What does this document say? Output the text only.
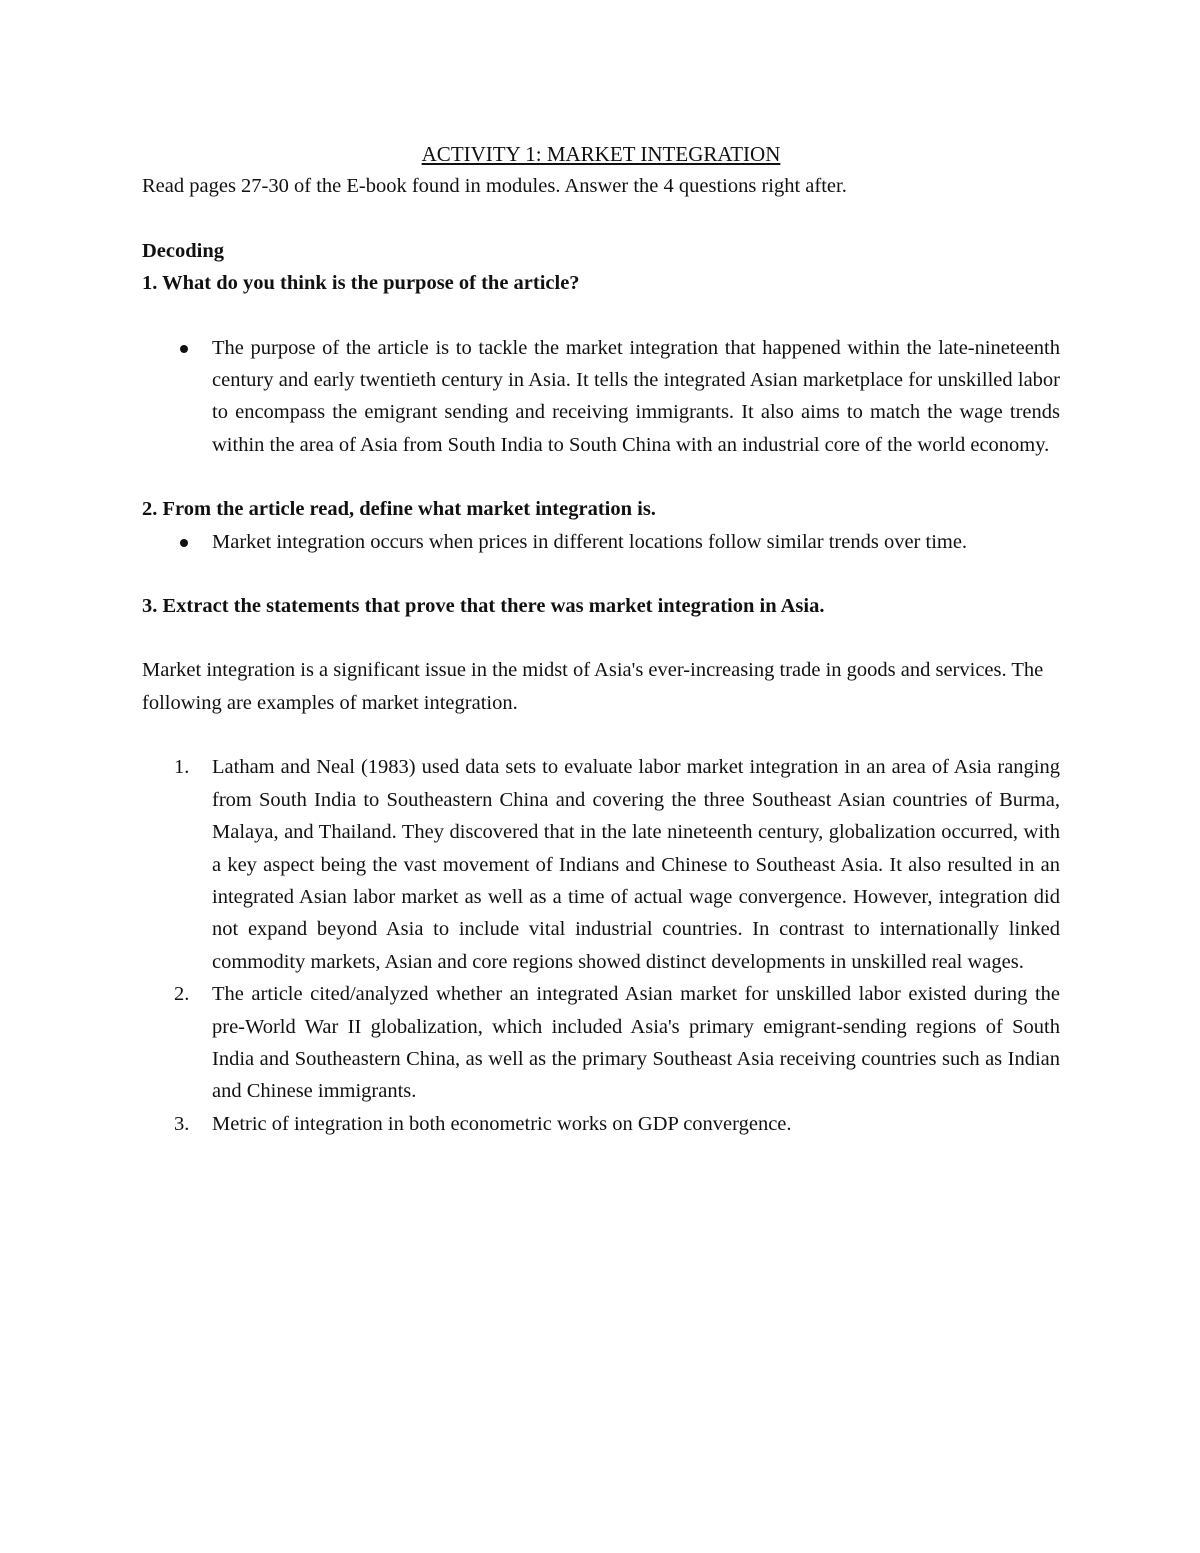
ACTIVITY 1: MARKET INTEGRATION

Read pages 27-30 of the E-book found in modules. Answer the 4 questions right after.

Decoding

1. What do you think is the purpose of the article?

The purpose of the article is to tackle the market integration that happened within the late-nineteenth century and early twentieth century in Asia. It tells the integrated Asian marketplace for unskilled labor to encompass the emigrant sending and receiving immigrants. It also aims to match the wage trends within the area of Asia from South India to South China with an industrial core of the world economy.

2. From the article read, define what market integration is.

Market integration occurs when prices in different locations follow similar trends over time.

3. Extract the statements that prove that there was market integration in Asia.

Market integration is a significant issue in the midst of Asia's ever-increasing trade in goods and services. The following are examples of market integration.

1. Latham and Neal (1983) used data sets to evaluate labor market integration in an area of Asia ranging from South India to Southeastern China and covering the three Southeast Asian countries of Burma, Malaya, and Thailand. They discovered that in the late nineteenth century, globalization occurred, with a key aspect being the vast movement of Indians and Chinese to Southeast Asia. It also resulted in an integrated Asian labor market as well as a time of actual wage convergence. However, integration did not expand beyond Asia to include vital industrial countries. In contrast to internationally linked commodity markets, Asian and core regions showed distinct developments in unskilled real wages.
2. The article cited/analyzed whether an integrated Asian market for unskilled labor existed during the pre-World War II globalization, which included Asia's primary emigrant-sending regions of South India and Southeastern China, as well as the primary Southeast Asia receiving countries such as Indian and Chinese immigrants.
3. Metric of integration in both econometric works on GDP convergence.
